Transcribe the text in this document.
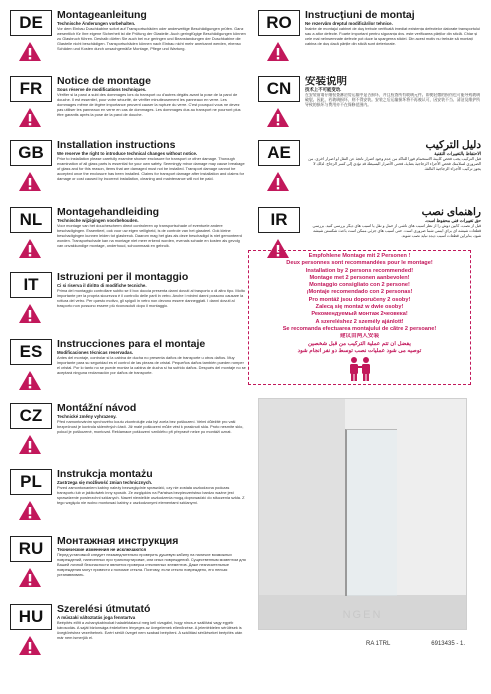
DE	Montageanleitung
Technische Änderungen vorbehalten.
Vor dem Einbau Duschkabine sofort auf Transportschäden oder anderweitige Beschädigungen prüfen. Ganz wesentlich für Ihre eigene Sicherheit ist die Prüfung der Glasteile. Auch geringfügige Beschädigungen können zu Glasbruch führen. Deshalb dürfen Sie auch bei nur geringen und Beanstandungen der Duschkabine die Glasteile nicht beschädigen. Transportschäden können nach Einbau nicht mehr anerkannt werden, ebenso Schäden und Kosten durch unsachgemäße Montage, Pflege und Wartung.
FR	Notice de montage
Sous réserve de modifications techniques.
Vérifier si la paroi a subi des dommages lors du transport ou d'autres dégâts avant la pose de la paroi de douche. Il est essentiel, pour votre sécurité, de vérifier minutieusement les panneaux en verre. Les dommages même de légère importance peuvent causer la rupture du verre. C'est pourquoi vous ne devez pas utiliser les panneaux en verre en cas de dommages. Les dommages dus au transport ne pourront plus être garantis après la pose de la paroi de douche.
GB	Installation instructions
We reserve the right to introduce technical changes without notice.
Prior to installation please carefully examine shower enclosure for transport or other damage. Thorough examination of all glass parts is essential for your own safety. Seemingly minor damage may cause breakage of glass and for this reason, items that are damaged must not be installed. Transport damage cannot be accepted once the enclosure has been installed. Claims for transport damage after installation and claims for damage or cost caused by incorrect installation, cleaning and maintenance will not be paid.
NL	Montagehandleiding
Technische wijzigingen voorbehouden.
Voor montage van het douchescherm direct controleren op transportschade of eventuele andere beschadigingen. Essentieel, ook voor uw eigen veiligheid, is de controle van het glasdeel. Ook kleine beschadigingen kunnen leiden tot glasbreuk. Daarom mag het glas als deze beschadigd is niet gemonteerd worden. Transportschade kan na montage niet meer erkend worden, evenals schade en kosten als gevolg van onvakkundige montage, onderhoud, schoonmaak en gebruik.
IT	Istruzioni per il montaggio
Ci si riserva il diritto di modifiche tecniche.
Prima del montaggio controllare subito se il box doccia presenta danni dovuti al trasporto o di altro tipo. Molto importante per la propria sicurezza è il controllo delle parti in vetro. Anche i minimi danni possono causare la rottura del vetro. Per questo motivo, gli spigoli in vetro non devono essere danneggiati. I danni dovuti al trasporto non possono essere più riconosciuti dopo il montaggio.
ES	Instrucciones para el montaje
Modificaciones técnicas reservadas.
Antes del montaje, controlar si la cabina de ducha no presenta daños de transporte u otros daños. Muy importante para su seguridad es el control de las piezas de cristal. Pequeños daños también pueden romper el cristal. Por lo tanto no se puede montar la cabina de ducha si ha sufrido daños. Después del montaje no se aceptará ninguna reclamación por daños de transporte.
CZ	Montážní návod
Technické změny vyhrazeny.
Před namontováním sprchového koutu zkontrolujte zda byl zcela bez poškození. Velmi důležité pro vaši bezpečnost je kontrola skleněných částí. Již malé poškození může vést k prasknutí skla. Proto nesmíte sklo, pokud je poškozené, montovat. Reklamace poškození vzniklého při přepravě nelze po montáži uznat.
PL	Instrukcja montażu
Zastrzega się możliwość zmian technicznych.
Przed zamontowaniem kabiny należy bezwzględnie sprawdzić, czy nie została uszkodzona podczas transportu lub w jakikolwiek inny sposób. Ze względów na Państwa bezpieczeństwo bardzo ważne jest sprawdzenie powierzchni szklanych. Nawet niewielkie uszkodzenia mogą doprowadzić do stłuczenia szkła. Z tego względu nie wolno montować kabiny z uszkodzonymi elementami szklanymi.
RU	Монтажная инструкция
Технические изменения не исключаются
Перед установкой следует незамедлительно проверить душевую кабину на наличие возможных повреждений, нанесенных при транспортировке, или иных повреждений. Существенным моментом для Вашей личной безопасности является проверка стеклянных элементов. Даже незначительные повреждения могут привести к поломке стекла. Поэтому, если стекло повреждено, его нельзя устанавливать.
HU	Szerelési útmutató
A műszaki változtatás joga fenntartva
Beépítés előtt a zuhanykabinokat haladéktalanul meg kell vizsgálni, hogy nincs-e szállítási vagy egyéb károsodás. A saját biztonsága érdekében lényeges az üvegelemek ellenőrzése. A jelentéktelen sérülések is üvegtöréshez vezethetnek. Ezért sérült üveget nem szabad beépíteni. A szállítási sérüléseket beépítés után már nem ismerjük el.
RO	Instrucţiuni de montaj
Ne rezervăm dreptul modificărilor tehnice.
Înainte de montajul cabinei de duş trebuie verificată imediat existența defectelor datorate transportului sau a altor defecte. Foarte important pentru siguranța dvs. este verificarea părților din sticlă. Chiar și cele mai neînsemnate defecte pot duce la spargerea sticlei. Din acest motiv nu trebuie să montați cabina de duș dacă părțile din sticlă sunt deteriorate.
CN	安装说明
技术上不可能变动.
在安装前请仔细检查淋浴房运输中是否损坏，并且检查所有玻璃元件。即使轻微的损伤也可能导致玻璃破裂。因此，若玻璃损坏，则不得安装。安装之后运输损坏将不再被认可，因安装不当、清洁及维护所导致的损坏与费用亦不在保修范围内。
AE	دليل التركيب
الاحتفاظ بالتغييرات التقنية
قبل التركيب يجب فحص كابينة الاستحمام فوراً للتأكد من عدم وجود أضرار ناتجة عن النقل أو أضرار أخرى. من الضروري لسلامتك فحص الأجزاء الزجاجية بعناية، فحتى الأضرار البسيطة قد تؤدي إلى كسر الزجاج. لذلك لا يجوز تركيب الأجزاء الزجاجية التالفة.
IR	راهنمای نصب
حق تغییرات فنی محفوظ است.
قبل از نصب، کابین دوش را از نظر آسیب های ناشی از حمل و نقل یا آسیب های دیگر بررسی کنید. بررسی قطعات شیشه ای برای ایمنی شما ضروری است. حتی آسیب های جزئی ممکن است باعث شکستن شیشه شود، بنابراین قطعات آسیب دیده نباید نصب شوند.
Empfohlene Montage mit 2 Personen !
Deux personnes sont recommandées pour le montage!
Installation by 2 persons recommended!
Montage met 2 personen aanbevolen!
Montaggio consigliato con 2 persone!
¡Montaje recomendado con 2 personas!
Pro montáž jsou doporučeny 2 osoby!
Zalecą się montaż w dwie osoby!
Рекомендуемый монтаж 2чеовека!
A szereléshez 2 személy ajánlott!
Se recomanda efectuarea montajului de către 2 persoane!
建议由两人安装
يفضل أن تتم عملية التركيب من قبل شخصين
توصیه می شود عملیات نصب توسط دو نفر انجام شود
NGEN
RA 1TRL	6913435 - 1.
